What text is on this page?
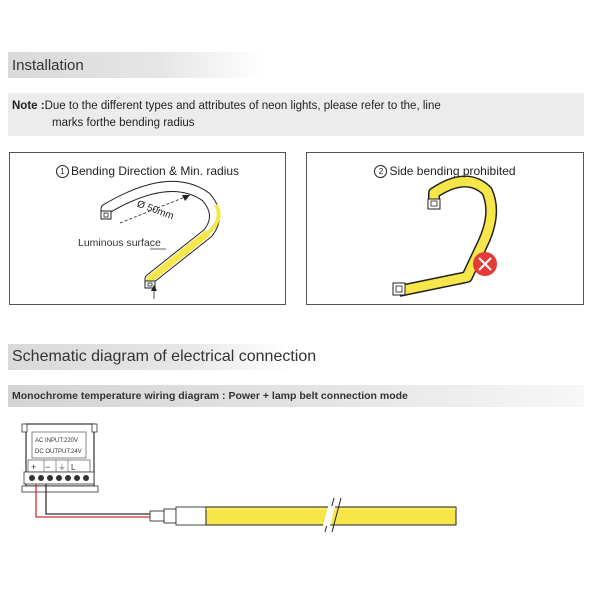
Installation
Note :Due to the different types and attributes of neon lights, please refer to the, line
marks forthe bending radius
1 Bending Direction & Min. radius
Ø 50mm
Luminous surface
2 Side bending prohibited
Schematic diagram of electrical connection
Monochrome temperature wiring diagram : Power + lamp belt connection mode
AC INPUT:220V
DC OUTPUT:24V
+ − ⏚ L
